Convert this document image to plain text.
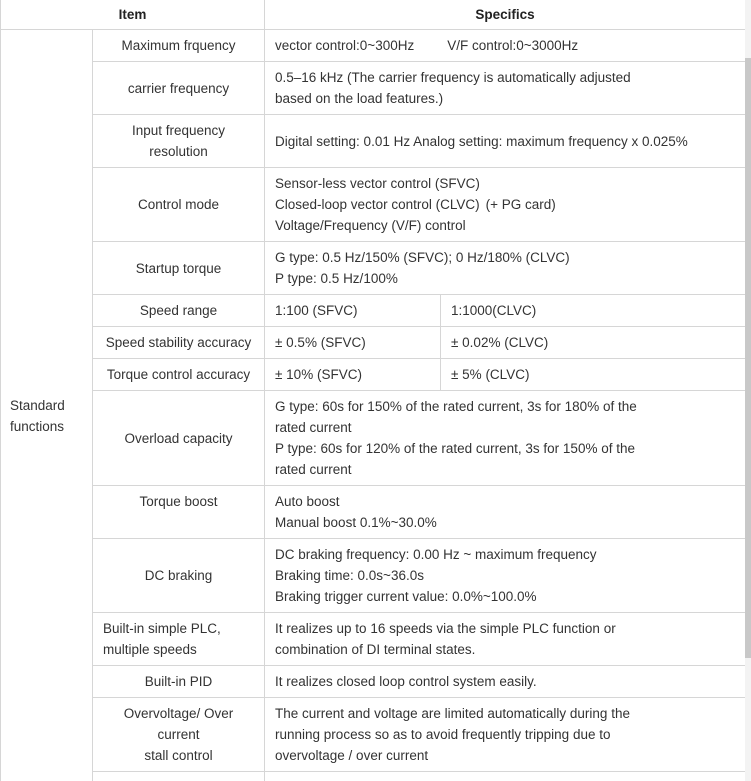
Item		Specifics	

Standard
functions	Maximum frquency	vector control:0~300Hz V/F control:0~3000Hz	
	carrier frequency	0.5–16 kHz (The carrier frequency is automatically adjusted
based on the load features.)	

	Input frequency
resolution	Digital setting: 0.01 Hz Analog setting: maximum frequency x 0.025%	

	Control mode	Sensor-less vector control (SFVC)
Closed-loop vector control (CLVC) (+ PG card)
Voltage/Frequency (V/F) control	

	Startup torque	G type: 0.5 Hz/150% (SFVC); 0 Hz/180% (CLVC)
P type: 0.5 Hz/100%	

	Speed range	1:100 (SFVC)	1:1000(CLVC)
	Speed stability accuracy	± 0.5% (SFVC)	± 0.02% (CLVC)
	Torque control accuracy	± 10% (SFVC)	± 5% (CLVC)
	Overload capacity	G type: 60s for 150% of the rated current, 3s for 180% of the
rated current
P type: 60s for 120% of the rated current, 3s for 150% of the
rated current	

	Torque boost	Auto boost
Manual boost 0.1%~30.0%	

	DC braking	DC braking frequency: 0.00 Hz ~ maximum frequency
Braking time: 0.0s~36.0s
Braking trigger current value: 0.0%~100.0%	

	Built-in simple PLC,
multiple speeds	It realizes up to 16 speeds via the simple PLC function or
combination of DI terminal states.	

	Built-in PID	It realizes closed loop control system easily.	

	Overvoltage/ Over
current
stall control	The current and voltage are limited automatically during the
running process so as to avoid frequently tripping due to
overvoltage / over current	
